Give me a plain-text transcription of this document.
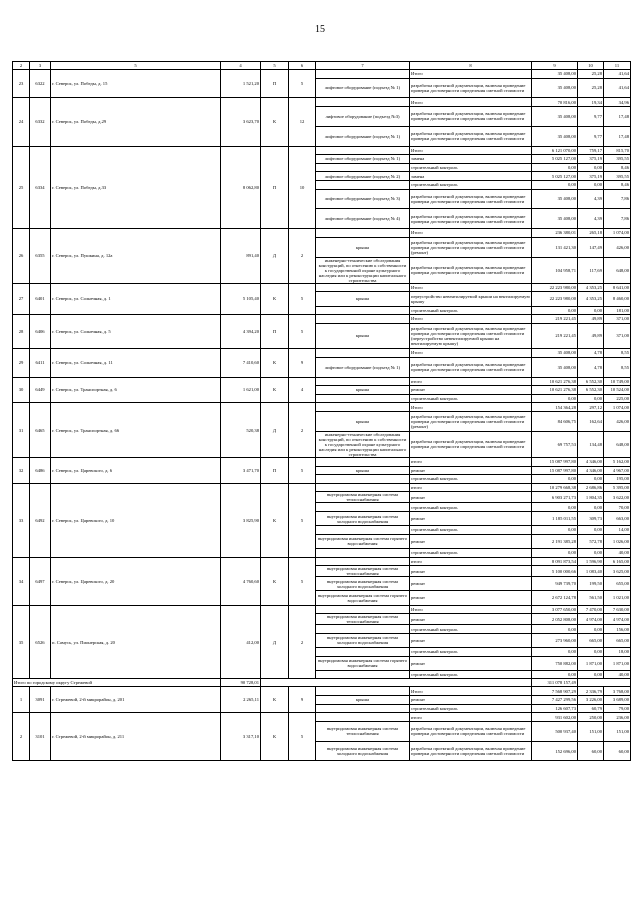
15
2	3	5	4	5	6	7	8	9	10	11
23	6322	г. Северск, ул. Победы, д. 15	1 521,20	П	5		Итого	35 408,00	25,28	41,64
						лифтовое оборудование (подъезд № 1)	разработка проектной документации, включая проведение проверки достоверности определения сметной стоимости	35 408,00	25,28	41,64
24	6332	г. Северск, ул. Победы, д.29	3 623,70	К	12		Итого	70 816,00	19,34	34,96
						лифтовое оборудование (подъезд №3)	разработка проектной документации, включая проведение проверки достоверности определения сметной стоимости	35 408,00	9,77	17,48
						лифтовое оборудование (подъезд № 1)	разработка проектной документации, включая проведение проверки достоверности определения сметной стоимости	35 408,00	9,77	17,48
25	6334	г. Северск, ул. Победы, д.33	8 062,80	П	10		Итого	6 121 070,00	759,17	815,70
						лифтовое оборудование (подъезд № 1)	замена	5 025 127,00	375,19	395,55
							строительный контроль	0,00	0,00	8,46
						лифтовое оборудование (подъезд № 2)	замена	5 025 127,00	375,19	395,55
							строительный контроль	0,00	0,00	8,46
						лифтовое оборудование (подъезд № 3)	разработка проектной документации, включая проведение проверки достоверности определения сметной стоимости	35 408,00	4,39	7,86
						лифтовое оборудование (подъезд № 4)	разработка проектной документации, включая проведение проверки достоверности определения сметной стоимости	35 408,00	4,39	7,86
26	6355	г. Северск, ул. Пушкина, д. 12а	891,40	Д	2		Итого	236 380,01	265,18	1 074,00
						крыша	разработка проектной документации, включая проведение проверки достоверности определения сметной стоимости (ремонт)	131 421,30	147,49	426,00
						инженерно-технические обследования конструкций, по отнесению к собственности к государственной охране культурного наследия или к реконструкции капитального строительства	разработка проектной документации, включая проведение проверки достоверности определения сметной стоимости	104 958,71	117,69	648,00
27	6401	г. Северск, ул. Солнечная, д. 1	5 105,40	К	5		Итого	22 223 980,00	4 353,25	8 641,00
						крыша	переустройство невентилируемой крыши на вентилируемую крышу	22 223 980,00	4 353,25	8 460,00
							строительный контроль	0,00	0,00	181,00
28	6406	г. Северск, ул. Солнечная, д. 5	4 394,20	П	5		Итого	219 221,45	49,89	371,00
						крыша	разработка проектной документации, включая проведение проверки достоверности определения сметной стоимости (переустройство невентилируемой крыши на вентилируемую крышу)	219 221,45	49,89	371,00
29	6411	г. Северск, ул. Солнечная, д. 11	7 410,60	К	9		Итого	35 408,00	4,78	8,55
						лифтовое оборудование (подъезд № 1)	разработка проектной документации, включая проведение проверки достоверности определения сметной стоимости	35 408,00	4,78	8,55
30	6449	г. Северск, ул. Транспортная, д. 6	1 621,00	К	4		итого	10 621 276,38	6 552,30	10 749,00
						крыша	ремонт	10 621 276,38	6 552,30	10 524,00
							строительный контроль	0,00	0,00	225,00
31	6465	г. Северск, ул. Транспортная, д. 66	520,38	Д	2		Итого	154 364,28	297,12	1 074,00
						крыша	разработка проектной документации, включая проведение проверки достоверности определения сметной стоимости (ремонт)	84 606,75	162,64	426,00
						инженерно-технические обследования конструкций, по отнесению к собственности к государственной охране культурного наследия или к реконструкции капитального строительства	разработка проектной документации, включая проведение проверки достоверности определения сметной стоимости	69 757,53	134,48	648,00
32	6486	г. Северск, ул. Царевского, д. 6	3 471,70	П	5		итого	15 087 997,80	4 346,00	5 162,00
						крыша	ремонт	15 087 997,80	4 346,00	4 967,00
							строительный контроль	0,00	0,00	195,00
33	6492	г. Северск, ул. Царевского, д. 10	3 825,90	К	5		итого	10 279 668,38	2 686,86	5 395,00
						внутридомовая инженерная система теплоснабжения	ремонт	6 903 271,73	1 804,35	3 622,00
							строительный контроль	0,00	0,00	70,00
						внутридомовая инженерная система холодного водоснабжения	ремонт	1 185 011,55	309,73	663,00
							строительный контроль	0,00	0,00	14,00
						внутридомовая инженерная система горячего водоснабжения	ремонт	2 191 385,28	572,78	1 026,00
							строительный контроль	0,00	0,00	40,00
34	6497	г. Северск, ул. Царевского, д. 20	4 760,60	К	5		итого	8 091 873,54	1 596,90	6 165,00
						внутридомовая инженерная система теплоснабжения	ремонт	5 100 000,66	1 083,40	3 625,00
						внутридомовая инженерная система холодного водоснабжения	ремонт	949 739,70	199,50	655,00
						внутридомовая инженерная система горячего водоснабжения	ремонт	2 672 124,78	561,50	1 021,00
35	6526	п. Самусь, ул. Пионерская, д. 20	412,00	Д	2		Итого	3 077 650,00	7 470,00	7 630,00
						внутридомовая инженерная система теплоснабжения	ремонт	2 052 808,00	4 974,00	4 974,00
							строительный контроль	0,00	0,00	156,00
						внутридомовая инженерная система холодного водоснабжения	ремонт	273 960,00	665,00	665,00
							строительный контроль	0,00	0,00	18,00
						внутридомовая инженерная система горячего водоснабжения	ремонт	750 882,00	1 871,00	1 871,00
							строительный контроль	0,00	0,00	40,00
Итого по городскому округу Стрежевой			90 728,01					311 078 157,49		
1	3091	г. Стрежевой, 2-й микрорайон, д. 201	2 265,11	К	9		Итого	7 568 907,29	2 336,79	3 768,00
						крыша	ремонт	7 427 299,56	3 226,00	3 689,00
							строительный контроль	126 607,73	60,79	79,00
2	3101	г. Стрежевой, 2-й микрорайон, д. 211	3 317,10	К	5		итого	931 602,00	250,00	236,00
						внутридомовая инженерная система теплоснабжения	разработка проектной документации, включая проведение проверки достоверности определения сметной стоимости	500 937,40	151,00	151,00
						внутридомовая инженерная система холодного водоснабжения	разработка проектной документации, включая проведение проверки достоверности определения сметной стоимости	152 696,00	60,00	60,00
